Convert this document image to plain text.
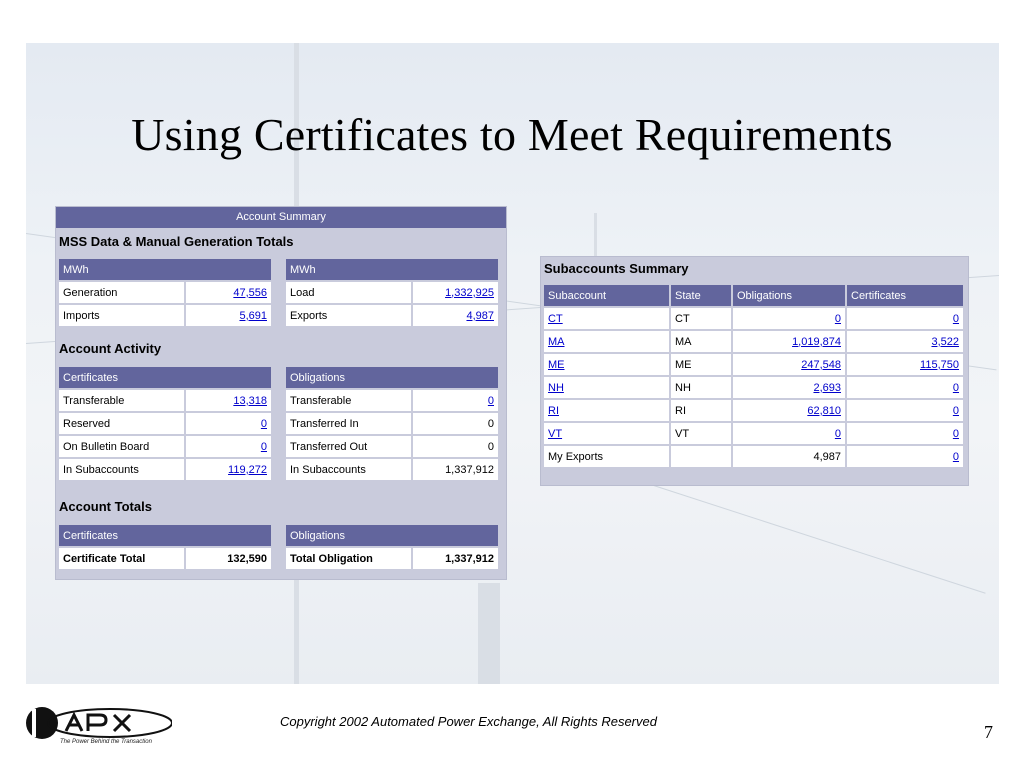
Using Certificates to Meet Requirements
Account Summary
MSS Data & Manual Generation Totals
MWh	
Generation	47,556
Imports	5,691
MWh	
Load	1,332,925
Exports	4,987
Account Activity
Certificates	
Transferable	13,318
Reserved	0
On Bulletin Board	0
In Subaccounts	119,272
Obligations	
Transferable	0
Transferred In	0
Transferred Out	0
In Subaccounts	1,337,912
Account Totals
Certificates
Certificate Total	132,590
Obligations
Total Obligation	1,337,912
Subaccounts Summary
Subaccount	State	Obligations	Certificates
CT	CT	0	0
MA	MA	1,019,874	3,522
ME	ME	247,548	115,750
NH	NH	2,693	0
RI	RI	62,810	0
VT	VT	0	0
My Exports		4,987	0
The Power Behind the Transaction
Copyright 2002 Automated Power Exchange, All Rights Reserved
7
